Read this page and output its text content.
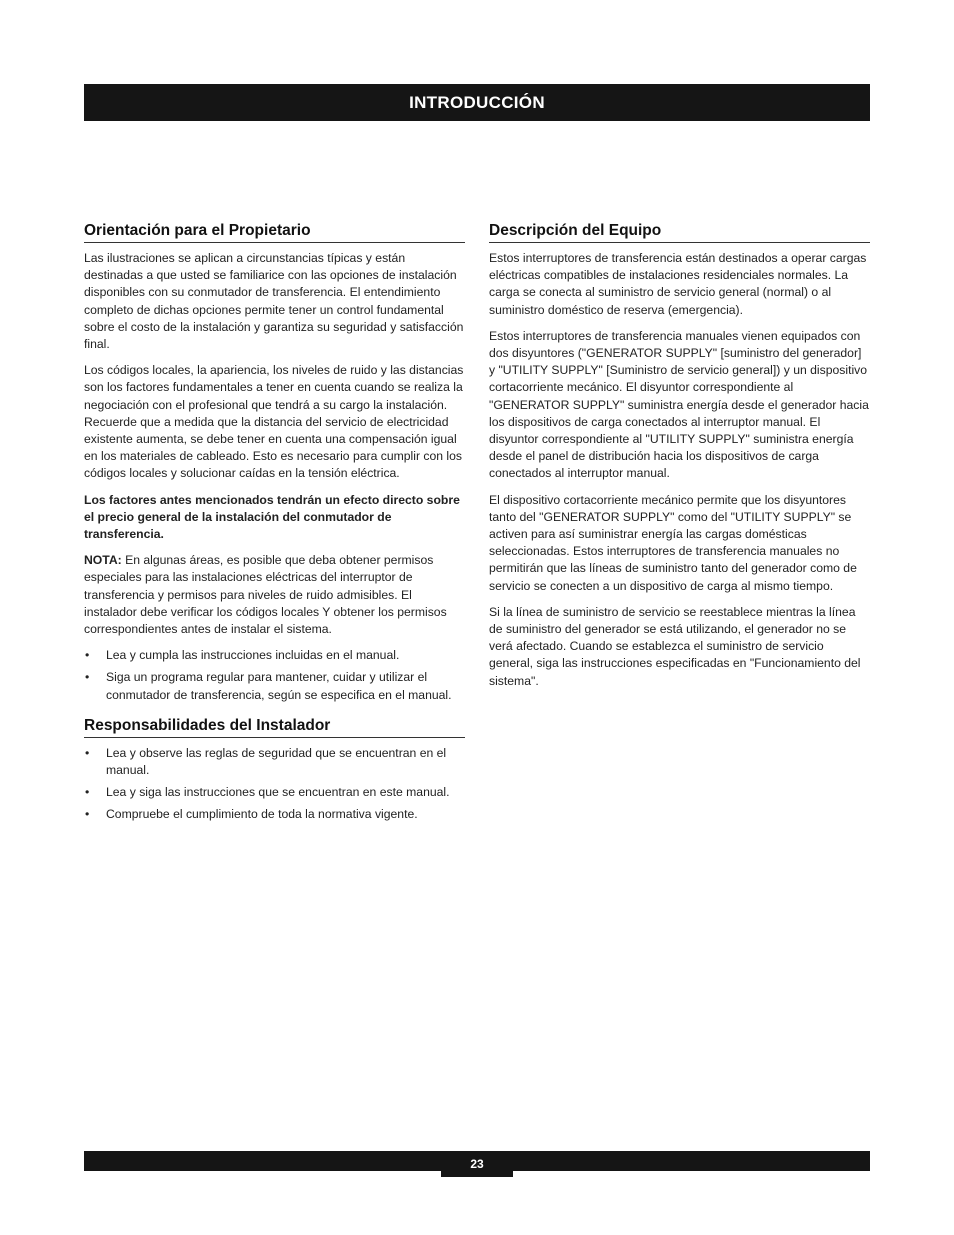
INTRODUCCIÓN
Orientación para el Propietario

Las ilustraciones se aplican a circunstancias típicas y están destinadas a que usted se familiarice con las opciones de instalación disponibles con su conmutador de transferencia. El entendimiento completo de dichas opciones permite tener un control fundamental sobre el costo de la instalación y garantiza su seguridad y satisfacción final.

Los códigos locales, la apariencia, los niveles de ruido y las distancias son los factores fundamentales a tener en cuenta cuando se realiza la negociación con el profesional que tendrá a su cargo la instalación. Recuerde que a medida que la distancia del servicio de electricidad existente aumenta, se debe tener en cuenta una compensación igual en los materiales de cableado. Esto es necesario para cumplir con los códigos locales y solucionar caídas en la tensión eléctrica.

Los factores antes mencionados tendrán un efecto directo sobre el precio general de la instalación del conmutador de transferencia.

NOTA: En algunas áreas, es posible que deba obtener permisos especiales para las instalaciones eléctricas del interruptor de transferencia y permisos para niveles de ruido admisibles. El instalador debe verificar los códigos locales Y obtener los permisos correspondientes antes de instalar el sistema.

• Lea y cumpla las instrucciones incluidas en el manual.
• Siga un programa regular para mantener, cuidar y utilizar el conmutador de transferencia, según se especifica en el manual.
Responsabilidades del Instalador
• Lea y observe las reglas de seguridad que se encuentran en el manual.
• Lea y siga las instrucciones que se encuentran en este manual.
• Compruebe el cumplimiento de toda la normativa vigente.
Descripción del Equipo

Estos interruptores de transferencia están destinados a operar cargas eléctricas compatibles de instalaciones residenciales normales. La carga se conecta al suministro de servicio general (normal) o al suministro doméstico de reserva (emergencia).

Estos interruptores de transferencia manuales vienen equipados con dos disyuntores ("GENERATOR SUPPLY" [suministro del generador] y "UTILITY SUPPLY" [Suministro de servicio general]) y un dispositivo cortacorriente mecánico. El disyuntor correspondiente al "GENERATOR SUPPLY" suministra energía desde el generador hacia los dispositivos de carga conectados al interruptor manual. El disyuntor correspondiente al "UTILITY SUPPLY" suministra energía desde el panel de distribución hacia los dispositivos de carga conectados al interruptor manual.

El dispositivo cortacorriente mecánico permite que los disyuntores tanto del "GENERATOR SUPPLY" como del "UTILITY SUPPLY" se activen para así suministrar energía las cargas domésticas seleccionadas. Estos interruptores de transferencia manuales no permitirán que las líneas de suministro tanto del generador como de servicio se conecten a un dispositivo de carga al mismo tiempo.

Si la línea de suministro de servicio se reestablece mientras la línea de suministro del generador se está utilizando, el generador no se verá afectado. Cuando se establezca el suministro de servicio general, siga las instrucciones especificadas en "Funcionamiento del sistema".

23
